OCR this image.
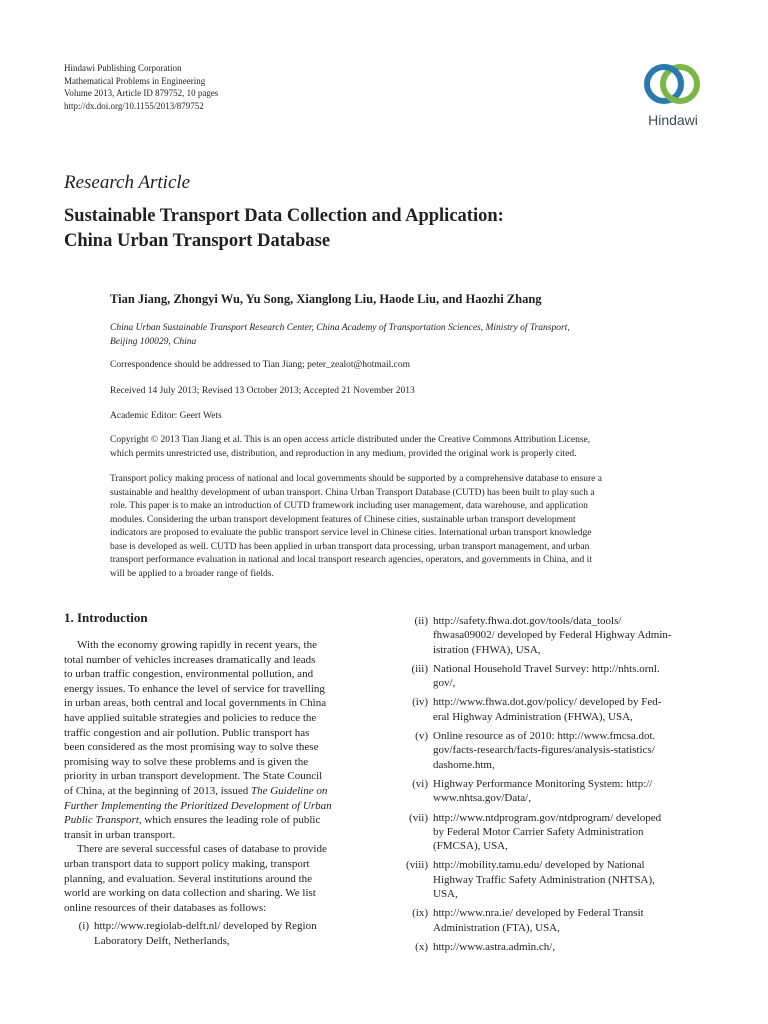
Hindawi Publishing Corporation
Mathematical Problems in Engineering
Volume 2013, Article ID 879752, 10 pages
http://dx.doi.org/10.1155/2013/879752
Hindawi
Research Article
Sustainable Transport Data Collection and Application:
China Urban Transport Database
Tian Jiang, Zhongyi Wu, Yu Song, Xianglong Liu, Haode Liu, and Haozhi Zhang
China Urban Sustainable Transport Research Center, China Academy of Transportation Sciences, Ministry of Transport,
Beijing 100029, China
Correspondence should be addressed to Tian Jiang; peter_zealot@hotmail.com
Received 14 July 2013; Revised 13 October 2013; Accepted 21 November 2013
Academic Editor: Geert Wets
Copyright © 2013 Tian Jiang et al. This is an open access article distributed under the Creative Commons Attribution License,
which permits unrestricted use, distribution, and reproduction in any medium, provided the original work is properly cited.
Transport policy making process of national and local governments should be supported by a comprehensive database to ensure a
sustainable and healthy development of urban transport. China Urban Transport Database (CUTD) has been built to play such a
role. This paper is to make an introduction of CUTD framework including user management, data warehouse, and application
modules. Considering the urban transport development features of Chinese cities, sustainable urban transport development
indicators are proposed to evaluate the public transport service level in Chinese cities. International urban transport knowledge
base is developed as well. CUTD has been applied in urban transport data processing, urban transport management, and urban
transport performance evaluation in national and local transport research agencies, operators, and governments in China, and it
will be applied to a broader range of fields.
1. Introduction
With the economy growing rapidly in recent years, the
total number of vehicles increases dramatically and leads
to urban traffic congestion, environmental pollution, and
energy issues. To enhance the level of service for travelling
in urban areas, both central and local governments in China
have applied suitable strategies and policies to reduce the
traffic congestion and air pollution. Public transport has
been considered as the most promising way to solve these
promising way to solve these problems and is given the
priority in urban transport development. The State Council
of China, at the beginning of 2013, issued The Guideline on
Further Implementing the Prioritized Development of Urban
Public Transport, which ensures the leading role of public
transit in urban transport.
There are several successful cases of database to provide
urban transport data to support policy making, transport
planning, and evaluation. Several institutions around the
world are working on data collection and sharing. We list
online resources of their databases as follows:
(i) http://www.regiolab-delft.nl/ developed by Region
Laboratory Delft, Netherlands,
(ii) http://safety.fhwa.dot.gov/tools/data_tools/
fhwasa09002/ developed by Federal Highway Admin-
istration (FHWA), USA,
(iii) National Household Travel Survey: http://nhts.ornl.
gov/,
(iv) http://www.fhwa.dot.gov/policy/ developed by Fed-
eral Highway Administration (FHWA), USA,
(v) Online resource as of 2010: http://www.fmcsa.dot.
gov/facts-research/facts-figures/analysis-statistics/
dashome.htm,
(vi) Highway Performance Monitoring System: http://
www.nhtsa.gov/Data/,
(vii) http://www.ntdprogram.gov/ntdprogram/ developed
by Federal Motor Carrier Safety Administration
(FMCSA), USA,
(viii) http://mobility.tamu.edu/ developed by National
Highway Traffic Safety Administration (NHTSA),
USA,
(ix) http://www.nra.ie/ developed by Federal Transit
Administration (FTA), USA,
(x) http://www.astra.admin.ch/,
